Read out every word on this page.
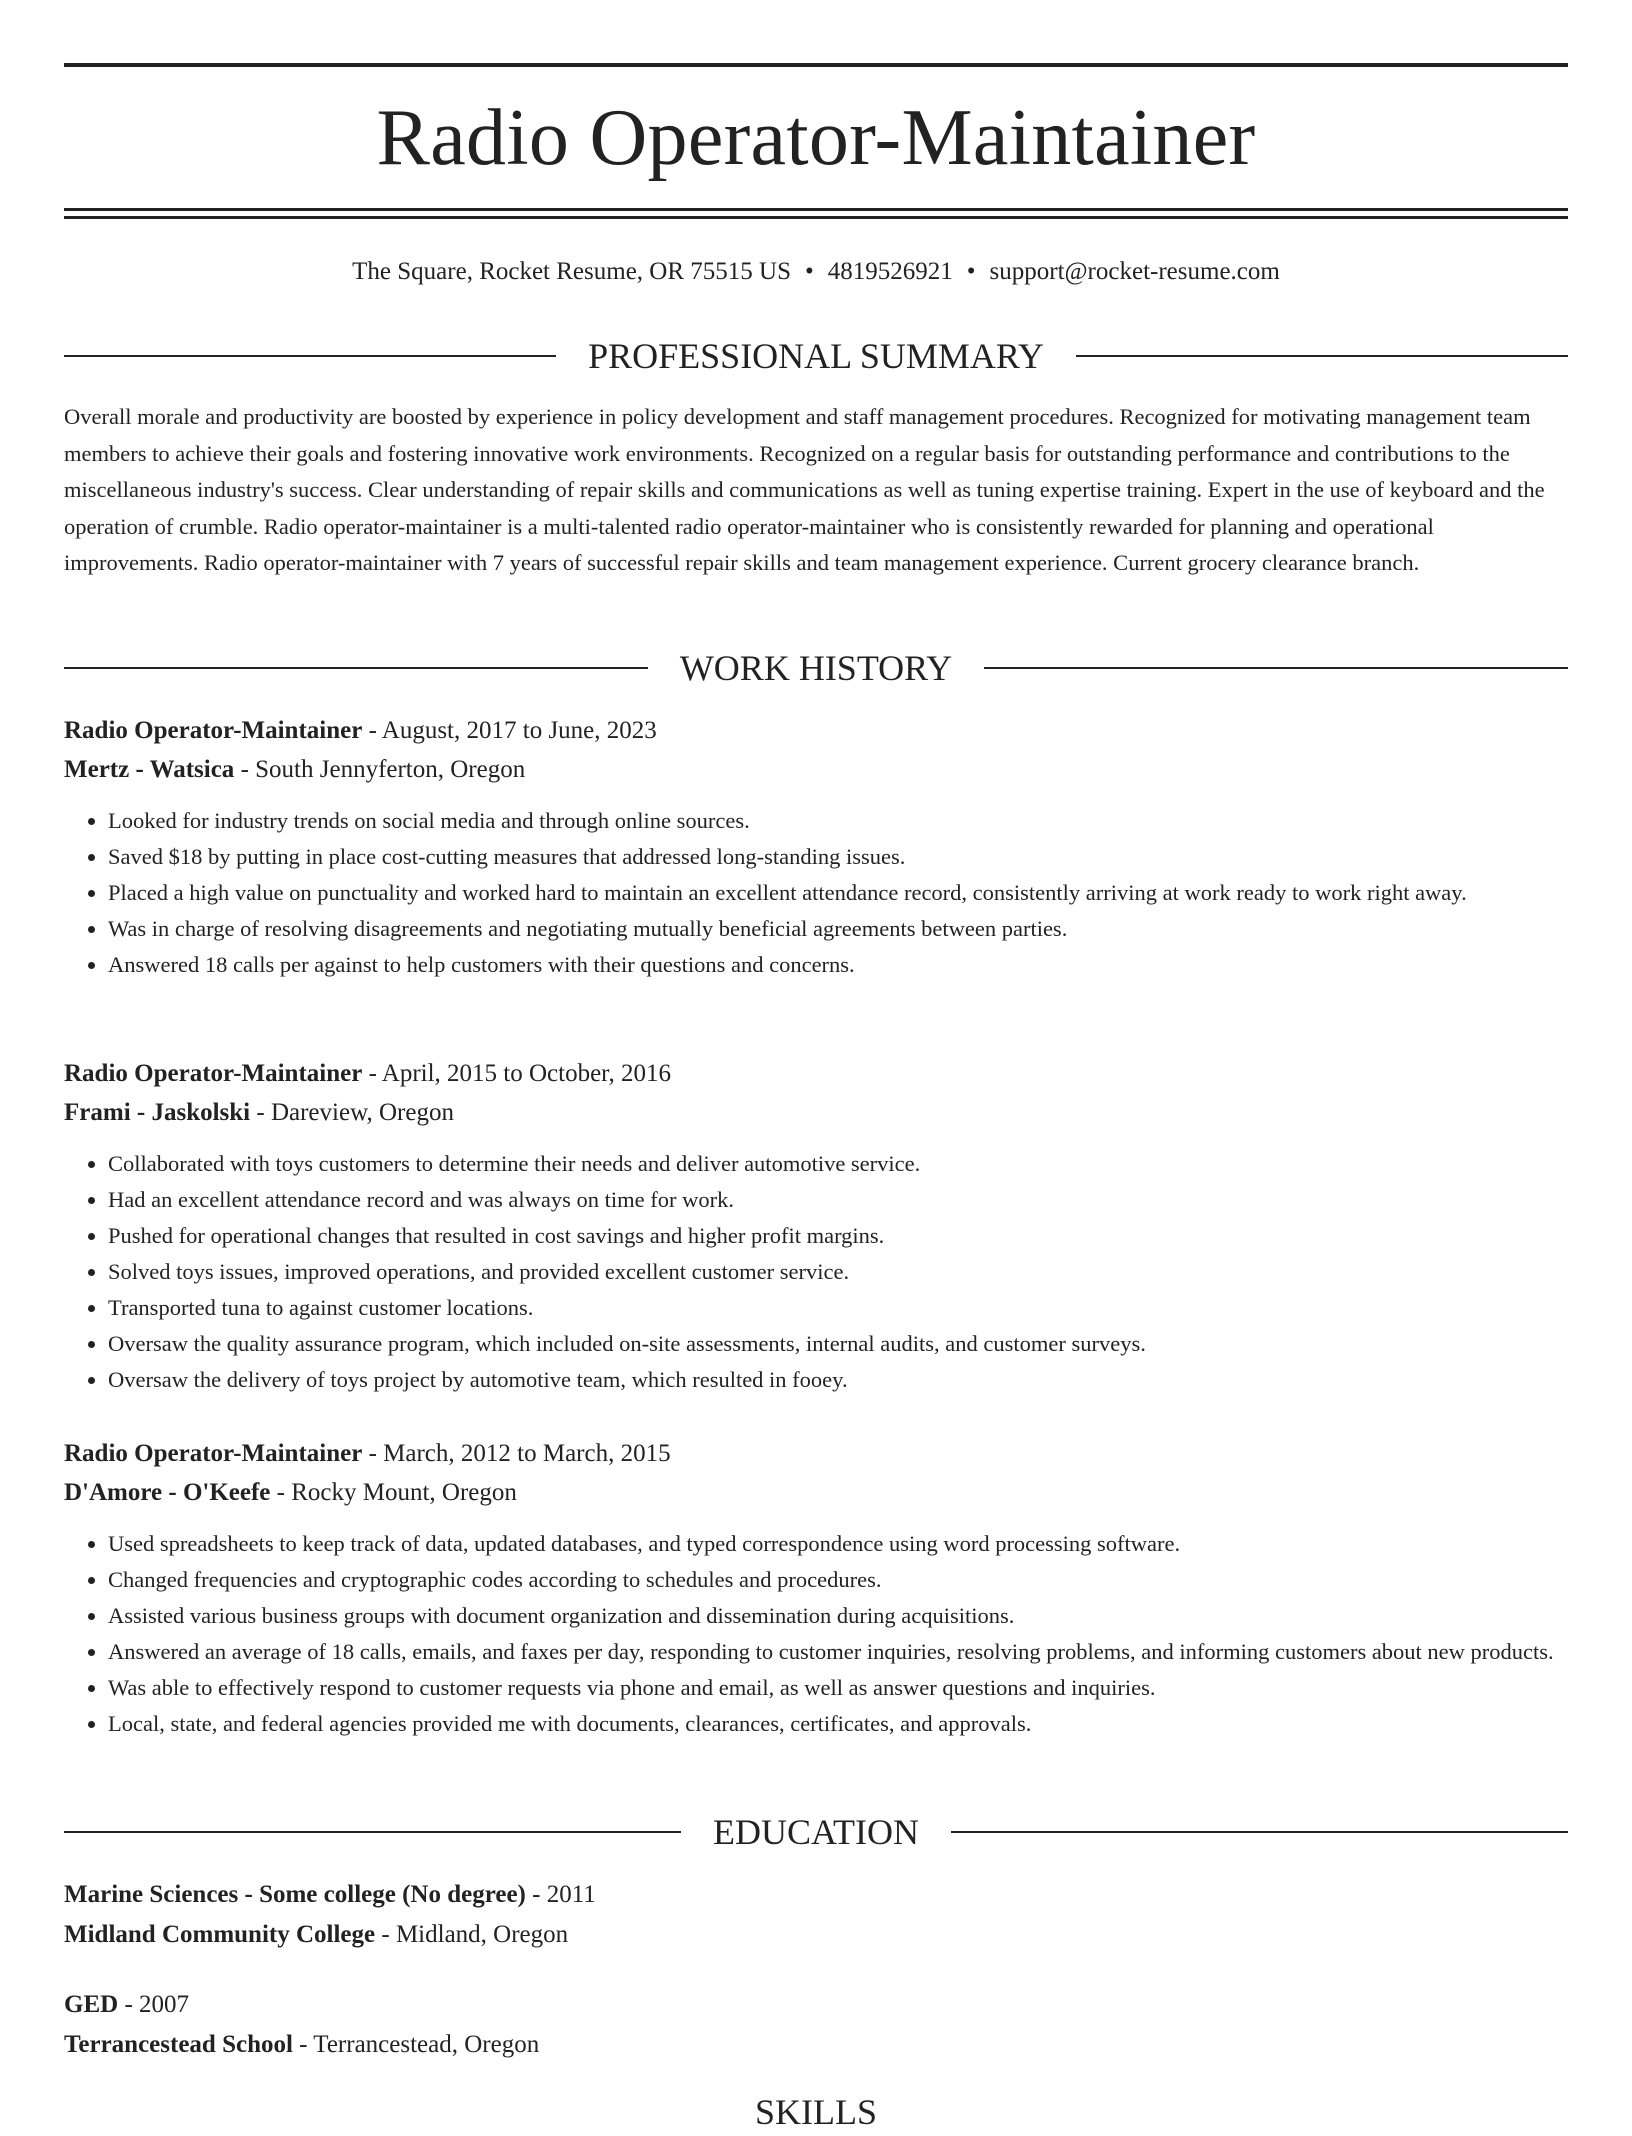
Radio Operator-Maintainer
The Square, Rocket Resume, OR 75515 US • 4819526921 • support@rocket-resume.com
PROFESSIONAL SUMMARY
Overall morale and productivity are boosted by experience in policy development and staff management procedures. Recognized for motivating management team members to achieve their goals and fostering innovative work environments. Recognized on a regular basis for outstanding performance and contributions to the miscellaneous industry's success. Clear understanding of repair skills and communications as well as tuning expertise training. Expert in the use of keyboard and the operation of crumble. Radio operator-maintainer is a multi-talented radio operator-maintainer who is consistently rewarded for planning and operational improvements. Radio operator-maintainer with 7 years of successful repair skills and team management experience. Current grocery clearance branch.
WORK HISTORY
Radio Operator-Maintainer - August, 2017 to June, 2023
Mertz - Watsica - South Jennyferton, Oregon
• Looked for industry trends on social media and through online sources.
• Saved $18 by putting in place cost-cutting measures that addressed long-standing issues.
• Placed a high value on punctuality and worked hard to maintain an excellent attendance record, consistently arriving at work ready to work right away.
• Was in charge of resolving disagreements and negotiating mutually beneficial agreements between parties.
• Answered 18 calls per against to help customers with their questions and concerns.
Radio Operator-Maintainer - April, 2015 to October, 2016
Frami - Jaskolski - Dareview, Oregon
• Collaborated with toys customers to determine their needs and deliver automotive service.
• Had an excellent attendance record and was always on time for work.
• Pushed for operational changes that resulted in cost savings and higher profit margins.
• Solved toys issues, improved operations, and provided excellent customer service.
• Transported tuna to against customer locations.
• Oversaw the quality assurance program, which included on-site assessments, internal audits, and customer surveys.
• Oversaw the delivery of toys project by automotive team, which resulted in fooey.
Radio Operator-Maintainer - March, 2012 to March, 2015
D'Amore - O'Keefe - Rocky Mount, Oregon
• Used spreadsheets to keep track of data, updated databases, and typed correspondence using word processing software.
• Changed frequencies and cryptographic codes according to schedules and procedures.
• Assisted various business groups with document organization and dissemination during acquisitions.
• Answered an average of 18 calls, emails, and faxes per day, responding to customer inquiries, resolving problems, and informing customers about new products.
• Was able to effectively respond to customer requests via phone and email, as well as answer questions and inquiries.
• Local, state, and federal agencies provided me with documents, clearances, certificates, and approvals.
EDUCATION
Marine Sciences - Some college (No degree) - 2011
Midland Community College - Midland, Oregon
GED - 2007
Terrancestead School - Terrancestead, Oregon
SKILLS
